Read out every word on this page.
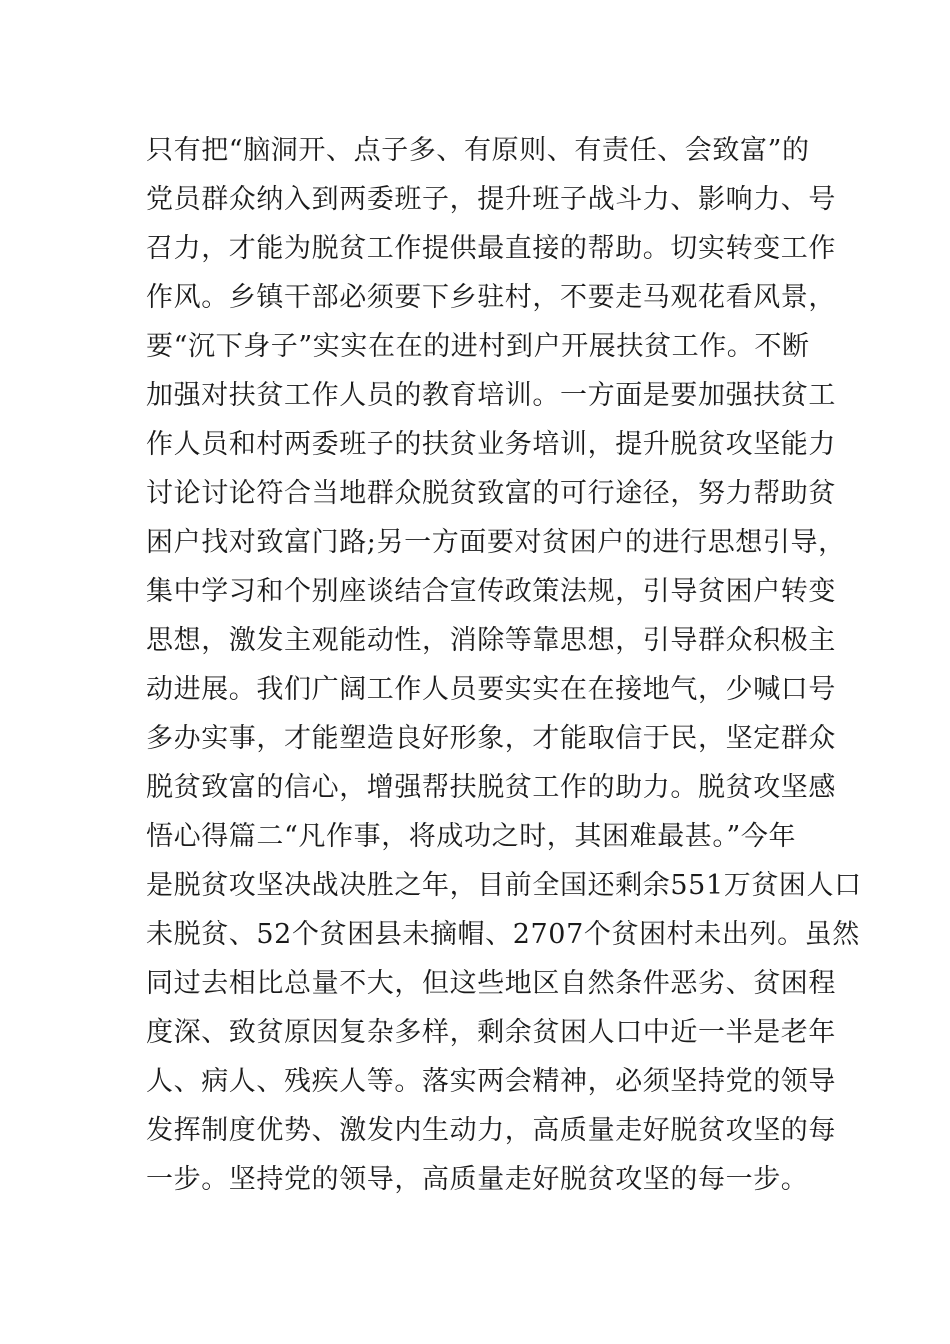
只有把“脑洞开、点子多、有原则、有责任、会致富”的
党员群众纳入到两委班子，提升班子战斗力、影响力、号
召力，才能为脱贫工作提供最直接的帮助。切实转变工作
作风。乡镇干部必须要下乡驻村，不要走马观花看风景，
要“沉下身子”实实在在的进村到户开展扶贫工作。不断
加强对扶贫工作人员的教育培训。一方面是要加强扶贫工
作人员和村两委班子的扶贫业务培训，提升脱贫攻坚能力
讨论讨论符合当地群众脱贫致富的可行途径，努力帮助贫
困户找对致富门路;另一方面要对贫困户的进行思想引导，
集中学习和个别座谈结合宣传政策法规，引导贫困户转变
思想，激发主观能动性，消除等靠思想，引导群众积极主
动进展。我们广阔工作人员要实实在在接地气，少喊口号
多办实事，才能塑造良好形象，才能取信于民，坚定群众
脱贫致富的信心，增强帮扶脱贫工作的助力。脱贫攻坚感
悟心得篇二“凡作事，将成功之时，其困难最甚。”今年
是脱贫攻坚决战决胜之年，目前全国还剩余551万贫困人口
未脱贫、52个贫困县未摘帽、2707个贫困村未出列。虽然
同过去相比总量不大，但这些地区自然条件恶劣、贫困程
度深、致贫原因复杂多样，剩余贫困人口中近一半是老年
人、病人、残疾人等。落实两会精神，必须坚持党的领导
发挥制度优势、激发内生动力，高质量走好脱贫攻坚的每
一步。坚持党的领导，高质量走好脱贫攻坚的每一步。
